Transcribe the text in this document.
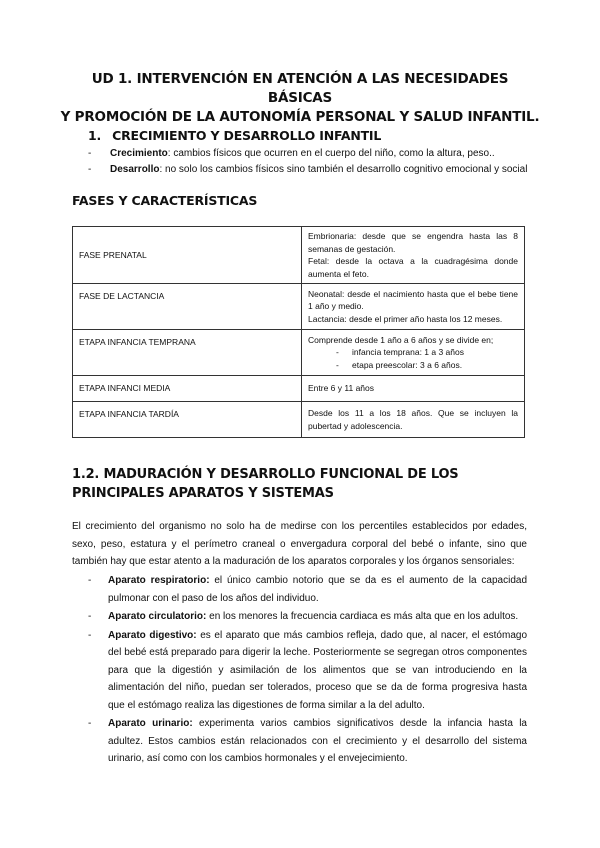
UD 1. INTERVENCIÓN EN ATENCIÓN A LAS NECESIDADES BÁSICAS
Y PROMOCIÓN DE LA AUTONOMÍA PERSONAL Y SALUD INFANTIL.
1. CRECIMIENTO Y DESARROLLO INFANTIL
- Crecimiento: cambios físicos que ocurren en el cuerpo del niño, como la altura, peso..
- Desarrollo: no solo los cambios físicos sino también el desarrollo cognitivo emocional y social
FASES Y CARACTERÍSTICAS
FASE PRENATAL	Embrionaria: desde que se engendra hasta las 8 semanas de gestación.
Fetal: desde la octava a la cuadragésima donde aumenta el feto.

FASE DE LACTANCIA	Neonatal: desde el nacimiento hasta que el bebe tiene 1 año y medio.
Lactancia: desde el primer año hasta los 12 meses.

ETAPA INFANCIA TEMPRANA	Comprende desde 1 año a 6 años y se divide en;
- infancia temprana: 1 a 3 años
- etapa preescolar: 3 a 6 años.

ETAPA INFANCI MEDIA	Entre 6 y 11 años

ETAPA INFANCIA TARDÍA	Desde los 11 a los 18 años. Que se incluyen la pubertad y adolescencia.
1.2. MADURACIÓN Y DESARROLLO FUNCIONAL DE LOS PRINCIPALES APARATOS Y SISTEMAS
El crecimiento del organismo no solo ha de medirse con los percentiles establecidos por edades, sexo, peso, estatura y el perímetro craneal o envergadura corporal del bebé o infante, sino que también hay que estar atento a la maduración de los aparatos corporales y los órganos sensoriales:
- Aparato respiratorio: el único cambio notorio que se da es el aumento de la capacidad pulmonar con el paso de los años del individuo.
- Aparato circulatorio: en los menores la frecuencia cardiaca es más alta que en los adultos.
- Aparato digestivo: es el aparato que más cambios refleja, dado que, al nacer, el estómago del bebé está preparado para digerir la leche. Posteriormente se segregan otros componentes para que la digestión y asimilación de los alimentos que se van introduciendo en la alimentación del niño, puedan ser tolerados, proceso que se da de forma progresiva hasta que el estómago realiza las digestiones de forma similar a la del adulto.
- Aparato urinario: experimenta varios cambios significativos desde la infancia hasta la adultez. Estos cambios están relacionados con el crecimiento y el desarrollo del sistema urinario, así como con los cambios hormonales y el envejecimiento.
